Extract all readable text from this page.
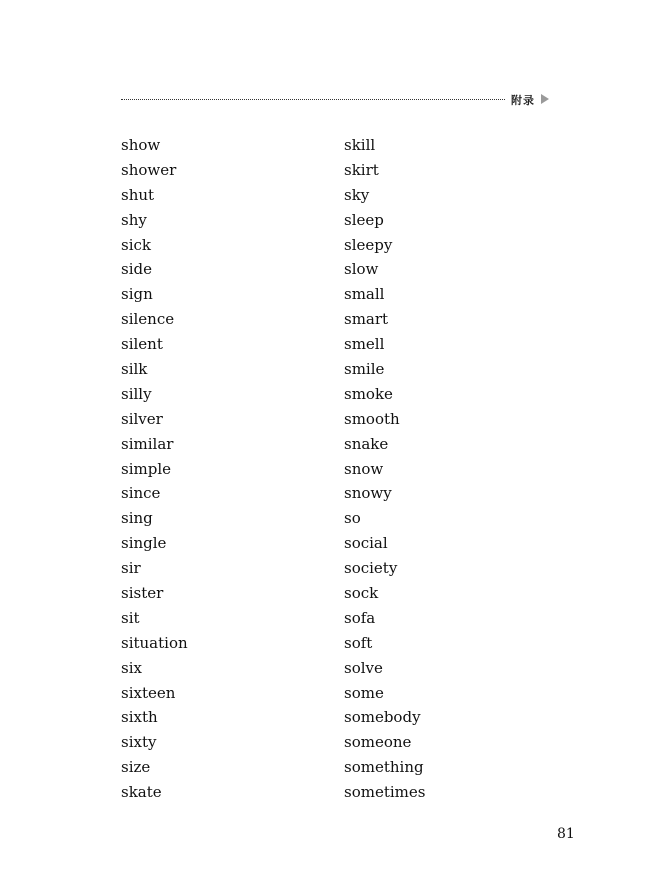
附录
show
shower
shut
shy
sick
side
sign
silence
silent
silk
silly
silver
similar
simple
since
sing
single
sir
sister
sit
situation
six
sixteen
sixth
sixty
size
skate
skill
skirt
sky
sleep
sleepy
slow
small
smart
smell
smile
smoke
smooth
snake
snow
snowy
so
social
society
sock
sofa
soft
solve
some
somebody
someone
something
sometimes
81
